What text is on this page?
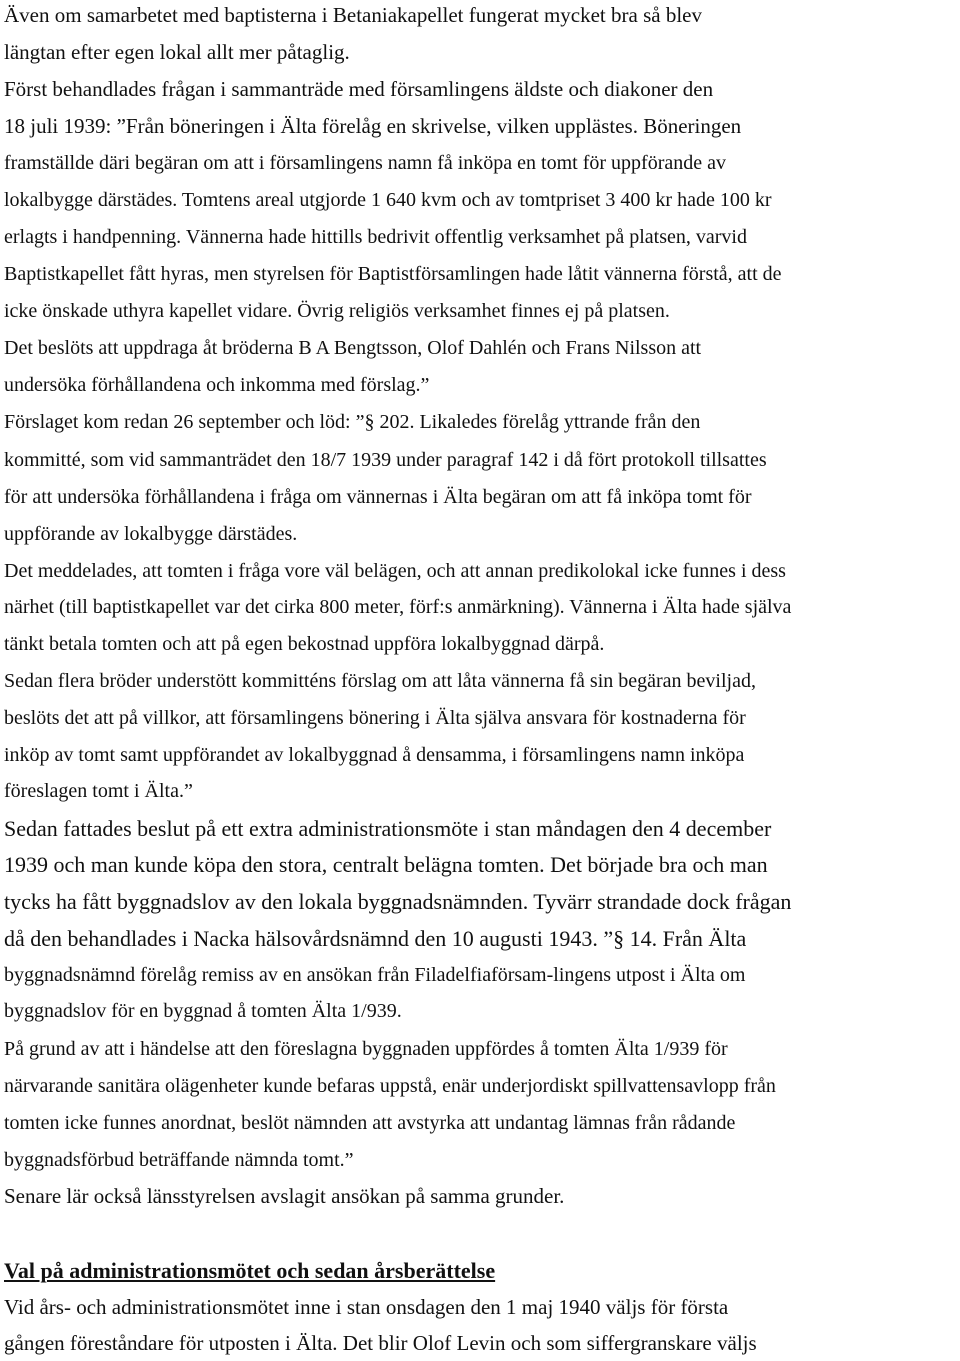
Även om samarbetet med baptisterna i Betaniakapellet fungerat mycket bra så blev
längtan efter egen lokal allt mer påtaglig.
Först behandlades frågan i sammanträde med församlingens äldste och diakoner den
18 juli 1939: ”Från böneringen i Älta förelåg en skrivelse, vilken upplästes. Böneringen
framställde däri begäran om att i församlingens namn få inköpa en tomt för uppförande av
lokalbygge därstädes. Tomtens areal utgjorde 1 640 kvm och av tomtpriset 3 400 kr hade 100 kr
erlagts i handpenning. Vännerna hade hittills bedrivit offentlig verksamhet på platsen, varvid
Baptistkapellet fått hyras, men styrelsen för Baptistförsamlingen hade låtit vännerna förstå, att de
icke önskade uthyra kapellet vidare. Övrig religiös verksamhet finnes ej på platsen.
Det beslöts att uppdraga åt bröderna B A Bengtsson, Olof Dahlén och Frans Nilsson att
undersöka förhållandena och inkomma med förslag.”
Förslaget kom redan 26 september och löd: ”§ 202. Likaledes förelåg yttrande från den
kommitté, som vid sammanträdet den 18/7 1939 under paragraf 142 i då fört protokoll tillsattes
för att undersöka förhållandena i fråga om vännernas i Älta begäran om att få inköpa tomt för
uppförande av lokalbygge därstädes.
Det meddelades, att tomten i fråga vore väl belägen, och att annan predikolokal icke funnes i dess
närhet (till baptistkapellet var det cirka 800 meter, förf:s anmärkning). Vännerna i Älta hade själva
tänkt betala tomten och att på egen bekostnad uppföra lokalbyggnad därpå.
Sedan flera bröder understött kommitténs förslag om att låta vännerna få sin begäran beviljad,
beslöts det att på villkor, att församlingens bönering i Älta själva ansvara för kostnaderna för
inköp av tomt samt uppförandet av lokalbyggnad å densamma, i församlingens namn inköpa
föreslagen tomt i Älta.”
Sedan fattades beslut på ett extra administrationsmöte i stan måndagen den 4 december
1939 och man kunde köpa den stora, centralt belägna tomten. Det började bra och man
tycks ha fått byggnadslov av den lokala byggnadsnämnden. Tyvärr strandade dock frågan
då den behandlades i Nacka hälsovårdsnämnd den 10 augusti 1943. ”§ 14. Från Älta
byggnadsnämnd förelåg remiss av en ansökan från Filadelfiaförsam-lingens utpost i Älta om
byggnadslov för en byggnad å tomten Älta 1/939.
På grund av att i händelse att den föreslagna byggnaden uppfördes å tomten Älta 1/939 för
närvarande sanitära olägenheter kunde befaras uppstå, enär underjordiskt spillvattensavlopp från
tomten icke funnes anordnat, beslöt nämnden att avstyrka att undantag lämnas från rådande
byggnadsförbud beträffande nämnda tomt.”
Senare lär också länsstyrelsen avslagit ansökan på samma grunder.
Val på administrationsmötet och sedan årsberättelse
Vid års- och administrationsmötet inne i stan onsdagen den 1 maj 1940 väljs för första
gången föreståndare för utposten i Älta. Det blir Olof Levin och som siffergranskare väljs
